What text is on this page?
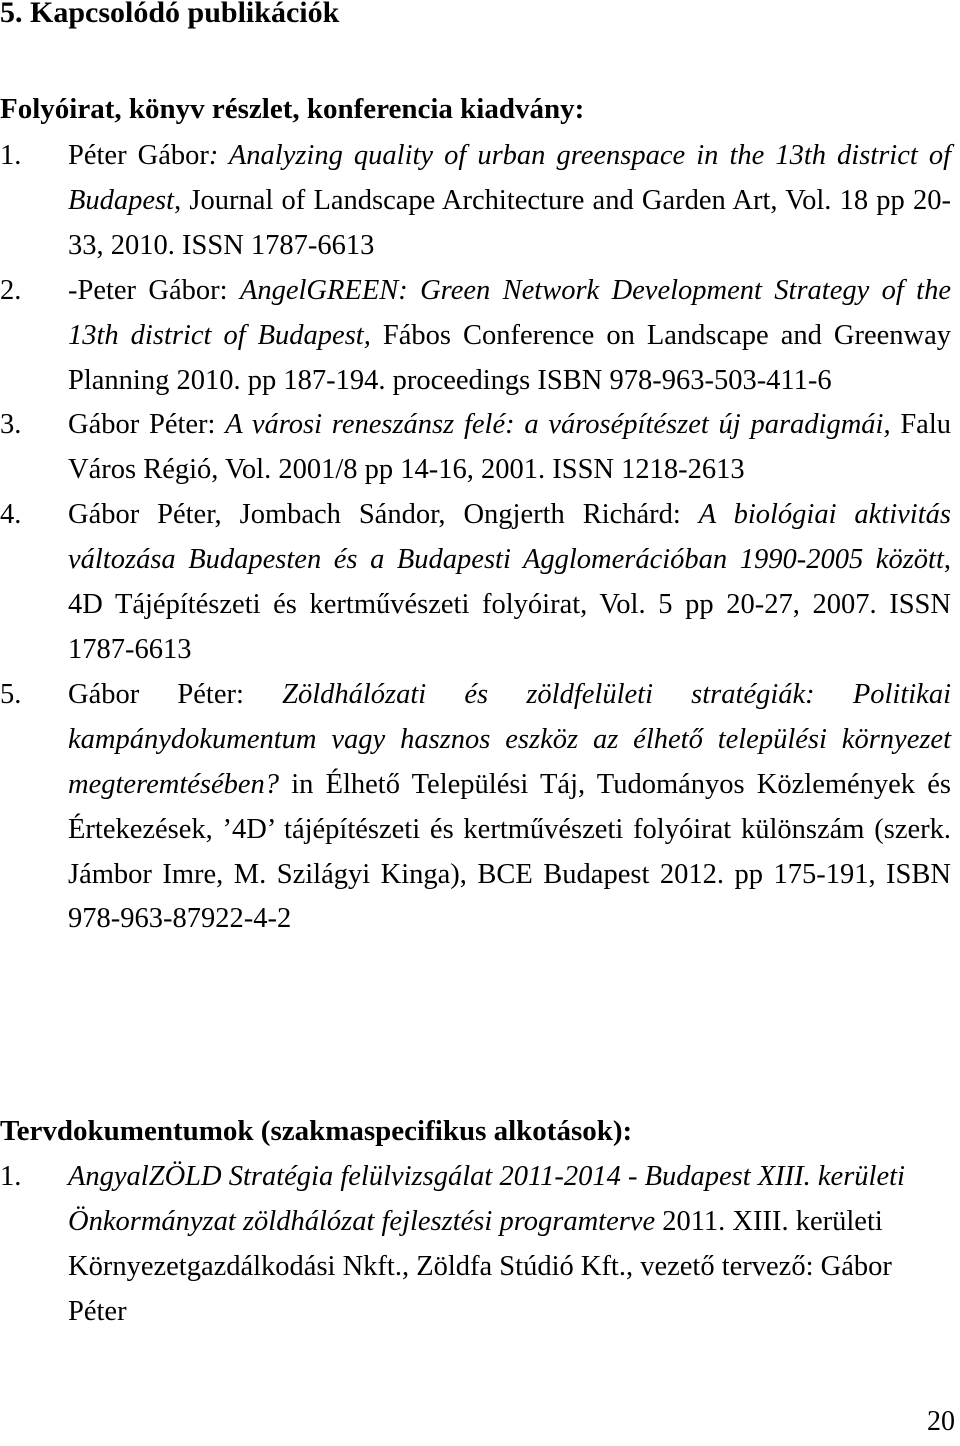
5. Kapcsolódó publikációk
Folyóirat, könyv részlet, konferencia kiadvány:
1. Péter Gábor: Analyzing quality of urban greenspace in the 13th district of Budapest, Journal of Landscape Architecture and Garden Art, Vol. 18 pp 20-33, 2010. ISSN 1787-6613
2. -Peter Gábor: AngelGREEN: Green Network Development Strategy of the 13th district of Budapest, Fábos Conference on Landscape and Greenway Planning 2010. pp 187-194. proceedings ISBN 978-963-503-411-6
3. Gábor Péter: A városi reneszánsz felé: a városépítészet új paradigmái, Falu Város Régió, Vol. 2001/8 pp 14-16, 2001. ISSN 1218-2613
4. Gábor Péter, Jombach Sándor, Ongjerth Richárd: A biológiai aktivitás változása Budapesten és a Budapesti Agglomerációban 1990-2005 között, 4D Tájépítészeti és kertművészeti folyóirat, Vol. 5 pp 20-27, 2007. ISSN 1787-6613
5. Gábor Péter: Zöldhálózati és zöldfelületi stratégiák: Politikai kampánydokumentum vagy hasznos eszköz az élhető települési környezet megteremtésében? in Élhető Települési Táj, Tudományos Közlemények és Értekezések, ’4D’ tájépítészeti és kertművészeti folyóirat különszám (szerk. Jámbor Imre, M. Szilágyi Kinga), BCE Budapest 2012. pp 175-191, ISBN 978-963-87922-4-2
Tervdokumentumok (szakmaspecifikus alkotások):
1. AngyalZÖLD Stratégia felülvizsgálat 2011-2014 - Budapest XIII. kerületi Önkormányzat zöldhálózat fejlesztési programterve 2011. XIII. kerületi Környezetgazdálkodási Nkft., Zöldfa Stúdió Kft., vezető tervező: Gábor Péter

20
